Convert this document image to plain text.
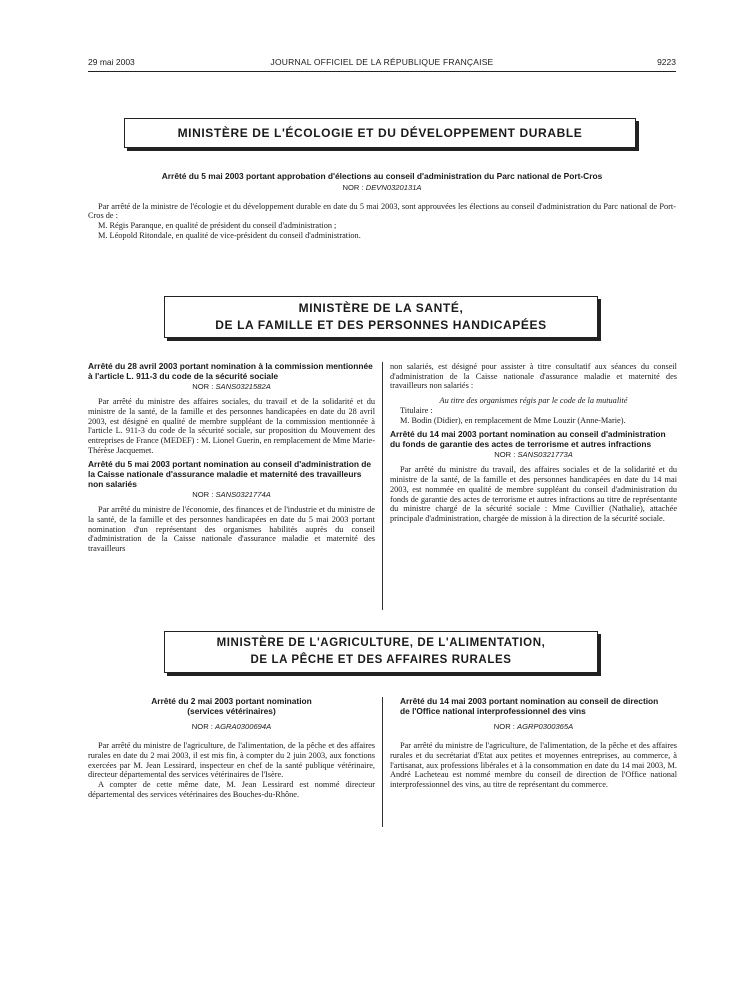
29 mai 2003	JOURNAL OFFICIEL DE LA RÉPUBLIQUE FRANÇAISE	9223
MINISTÈRE DE L'ÉCOLOGIE ET DU DÉVELOPPEMENT DURABLE
Arrêté du 5 mai 2003 portant approbation d'élections au conseil d'administration du Parc national de Port-Cros
NOR : DEVN0320131A

Par arrêté de la ministre de l'écologie et du développement durable en date du 5 mai 2003, sont approuvées les élections au conseil d'administration du Parc national de Port-Cros de :

M. Régis Paranque, en qualité de président du conseil d'administration ;

M. Léopold Ritondale, en qualité de vice-président du conseil d'administration.

MINISTÈRE DE LA SANTÉ,
DE LA FAMILLE ET DES PERSONNES HANDICAPÉES
Arrêté du 28 avril 2003 portant nomination à la commission mentionnée à l'article L. 911-3 du code de la sécurité sociale
NOR : SANS0321582A

Par arrêté du ministre des affaires sociales, du travail et de la solidarité et du ministre de la santé, de la famille et des personnes handicapées en date du 28 avril 2003, est désigné en qualité de membre suppléant de la commission mentionnée à l'article L. 911-3 du code de la sécurité sociale, sur proposition du Mouvement des entreprises de France (MEDEF) : M. Lionel Guerin, en remplacement de Mme Marie-Thérèse Jacquemet.

Arrêté du 5 mai 2003 portant nomination au conseil d'administration de la Caisse nationale d'assurance maladie et maternité des travailleurs non salariés
NOR : SANS0321774A

Par arrêté du ministre de l'économie, des finances et de l'industrie et du ministre de la santé, de la famille et des personnes handicapées en date du 5 mai 2003 portant nomination d'un représentant des organismes habilités auprès du conseil d'administration de la Caisse nationale d'assurance maladie et maternité des travailleurs

non salariés, est désigné pour assister à titre consultatif aux séances du conseil d'administration de la Caisse nationale d'assurance maladie et maternité des travailleurs non salariés :

Au titre des organismes régis par le code de la mutualité

Titulaire :

M. Bodin (Didier), en remplacement de Mme Louzir (Anne-Marie).

Arrêté du 14 mai 2003 portant nomination au conseil d'administration du fonds de garantie des actes de terrorisme et autres infractions
NOR : SANS0321773A

Par arrêté du ministre du travail, des affaires sociales et de la solidarité et du ministre de la santé, de la famille et des personnes handicapées en date du 14 mai 2003, est nommée en qualité de membre suppléant du conseil d'administration du fonds de garantie des actes de terrorisme et autres infractions au titre de représentante du ministre chargé de la sécurité sociale : Mme Cuvillier (Nathalie), attachée principale d'administration, chargée de mission à la direction de la sécurité sociale.

MINISTÈRE DE L'AGRICULTURE, DE L'ALIMENTATION,
DE LA PÊCHE ET DES AFFAIRES RURALES
Arrêté du 2 mai 2003 portant nomination (services vétérinaires)
NOR : AGRA0300694A

Par arrêté du ministre de l'agriculture, de l'alimentation, de la pêche et des affaires rurales en date du 2 mai 2003, il est mis fin, à compter du 2 juin 2003, aux fonctions exercées par M. Jean Lessirard, inspecteur en chef de la santé publique vétérinaire, directeur départemental des services vétérinaires de l'Isère.

A compter de cette même date, M. Jean Lessirard est nommé directeur départemental des services vétérinaires des Bouches-du-Rhône.

Arrêté du 14 mai 2003 portant nomination au conseil de direction de l'Office national interprofessionnel des vins
NOR : AGRP0300365A

Par arrêté du ministre de l'agriculture, de l'alimentation, de la pêche et des affaires rurales et du secrétariat d'Etat aux petites et moyennes entreprises, au commerce, à l'artisanat, aux professions libérales et à la consommation en date du 14 mai 2003, M. André Lacheteau est nommé membre du conseil de direction de l'Office national interprofessionnel des vins, au titre de représentant du commerce.
